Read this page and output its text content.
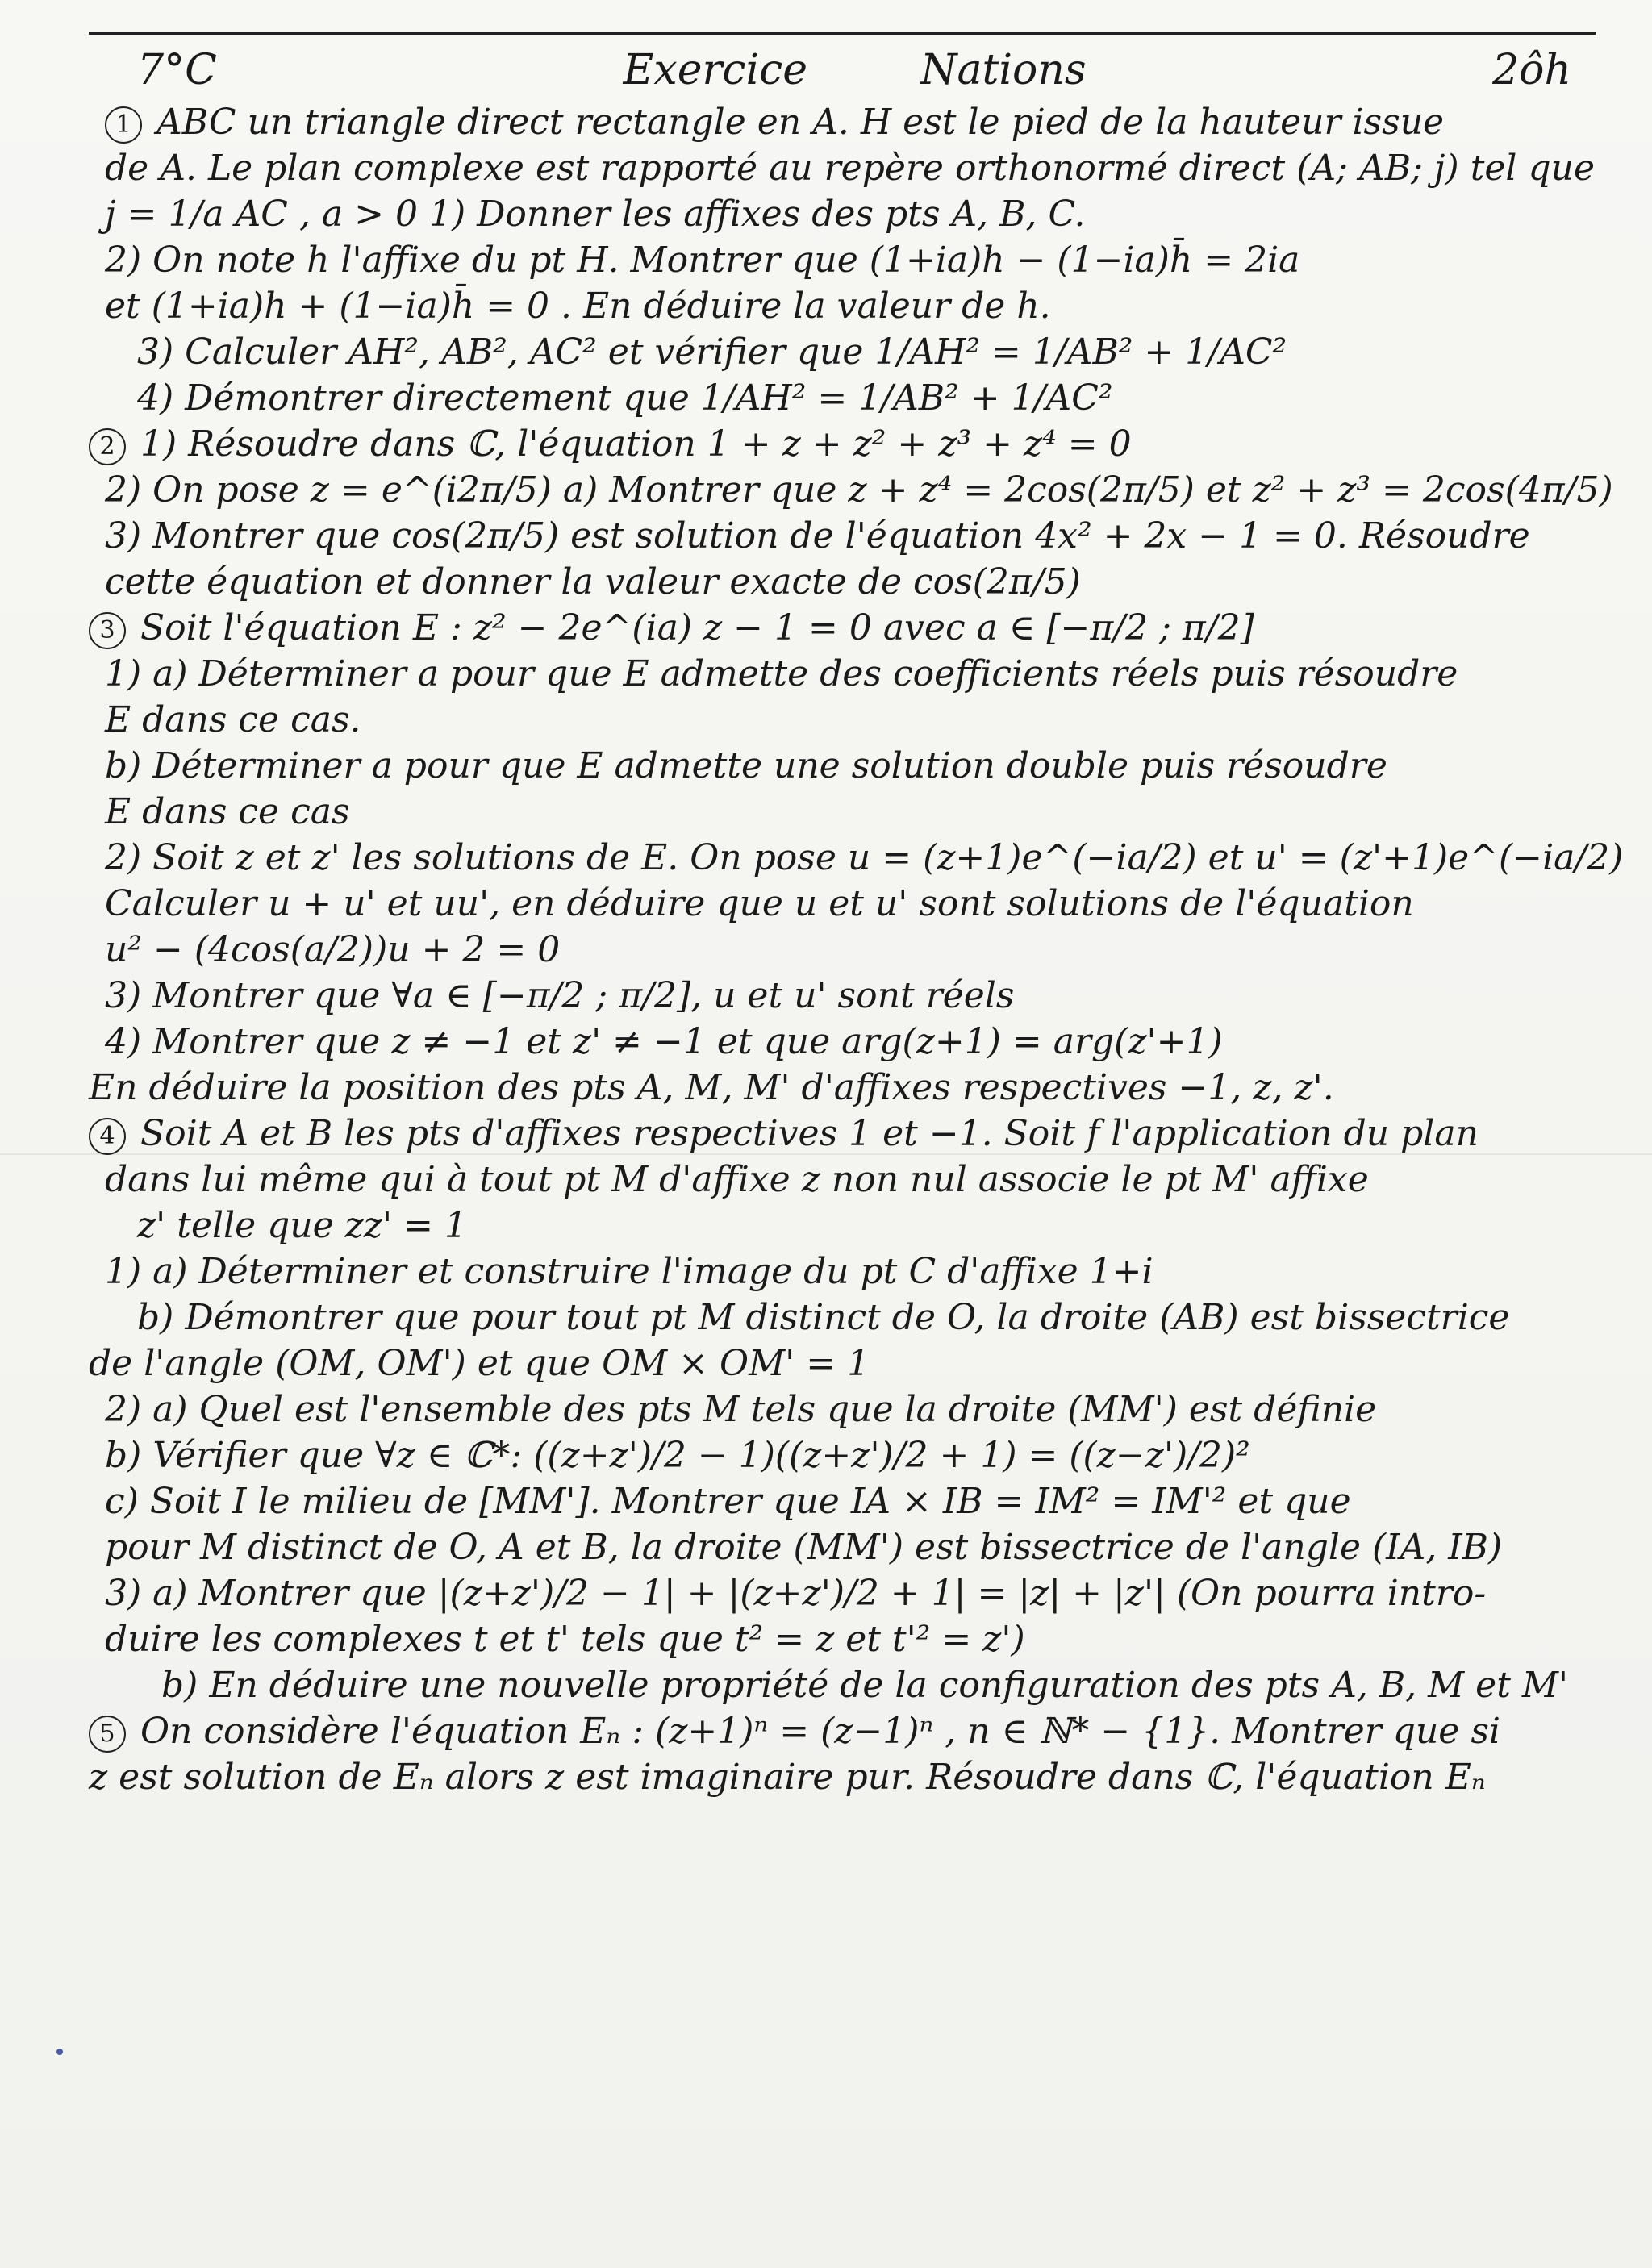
7°C	Exercice	Nations	2ôh
1 ABC un triangle direct rectangle en A. H est le pied de la hauteur issue
de A. Le plan complexe est rapporté au repère orthonormé direct (A; AB; j) tel que
j = 1/a AC , a > 0 1) Donner les affixes des pts A, B, C.
2) On note h l'affixe du pt H. Montrer que (1+ia)h − (1−ia)h̄ = 2ia
et (1+ia)h + (1−ia)h̄ = 0 . En déduire la valeur de h.
3) Calculer AH², AB², AC² et vérifier que 1/AH² = 1/AB² + 1/AC²
4) Démontrer directement que 1/AH² = 1/AB² + 1/AC²
2 1) Résoudre dans ℂ, l'équation 1 + z + z² + z³ + z⁴ = 0
2) On pose z = e^(i2π/5) a) Montrer que z + z⁴ = 2cos(2π/5) et z² + z³ = 2cos(4π/5)
3) Montrer que cos(2π/5) est solution de l'équation 4x² + 2x − 1 = 0. Résoudre
cette équation et donner la valeur exacte de cos(2π/5)
3 Soit l'équation E : z² − 2e^(ia) z − 1 = 0 avec a ∈ [−π/2 ; π/2]
1) a) Déterminer a pour que E admette des coefficients réels puis résoudre
E dans ce cas.
b) Déterminer a pour que E admette une solution double puis résoudre
E dans ce cas
2) Soit z et z' les solutions de E. On pose u = (z+1)e^(−ia/2) et u' = (z'+1)e^(−ia/2)
Calculer u + u' et uu', en déduire que u et u' sont solutions de l'équation
u² − (4cos(a/2))u + 2 = 0
3) Montrer que ∀a ∈ [−π/2 ; π/2], u et u' sont réels
4) Montrer que z ≠ −1 et z' ≠ −1 et que arg(z+1) = arg(z'+1)
En déduire la position des pts A, M, M' d'affixes respectives −1, z, z'.
4 Soit A et B les pts d'affixes respectives 1 et −1. Soit f l'application du plan
dans lui même qui à tout pt M d'affixe z non nul associe le pt M' affixe
z' telle que zz' = 1
1) a) Déterminer et construire l'image du pt C d'affixe 1+i
b) Démontrer que pour tout pt M distinct de O, la droite (AB) est bissectrice
de l'angle (OM, OM') et que OM × OM' = 1
2) a) Quel est l'ensemble des pts M tels que la droite (MM') est définie
b) Vérifier que ∀z ∈ ℂ*: ((z+z')/2 − 1)((z+z')/2 + 1) = ((z−z')/2)²
c) Soit I le milieu de [MM']. Montrer que IA × IB = IM² = IM'² et que
pour M distinct de O, A et B, la droite (MM') est bissectrice de l'angle (IA, IB)
3) a) Montrer que |(z+z')/2 − 1| + |(z+z')/2 + 1| = |z| + |z'| (On pourra intro-
duire les complexes t et t' tels que t² = z et t'² = z')
b) En déduire une nouvelle propriété de la configuration des pts A, B, M et M'
5 On considère l'équation Eₙ : (z+1)ⁿ = (z−1)ⁿ , n ∈ ℕ* − {1}. Montrer que si
z est solution de Eₙ alors z est imaginaire pur. Résoudre dans ℂ, l'équation Eₙ
